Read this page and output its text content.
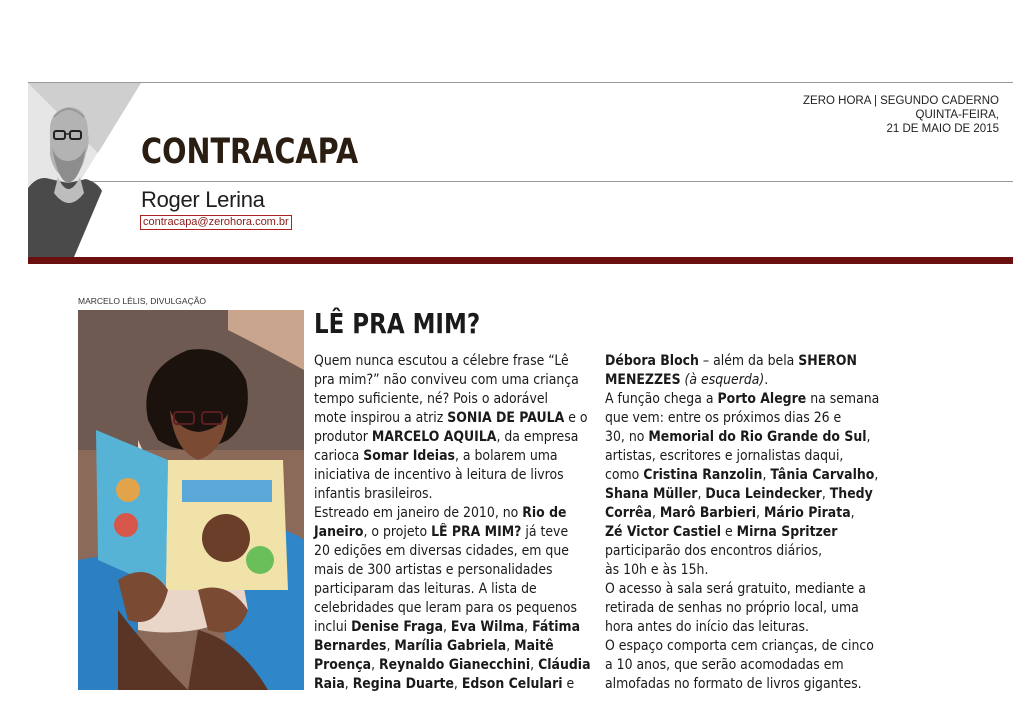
CONTRACAPA
Roger Lerina
contracapa@zerohora.com.br
ZERO HORA | SEGUNDO CADERNO
QUINTA-FEIRA,
21 DE MAIO DE 2015
MARCELO LÉLIS, DIVULGAÇÃO
LÊ PRA MIM?
Quem nunca escutou a célebre frase “Lê
pra mim?” não conviveu com uma criança
tempo suficiente, né? Pois o adorável
mote inspirou a atriz SONIA DE PAULA e o
produtor MARCELO AQUILA, da empresa
carioca Somar Ideias, a bolarem uma
iniciativa de incentivo à leitura de livros
infantis brasileiros.
Estreado em janeiro de 2010, no Rio de
Janeiro, o projeto LÊ PRA MIM? já teve
20 edições em diversas cidades, em que
mais de 300 artistas e personalidades
participaram das leituras. A lista de
celebridades que leram para os pequenos
inclui Denise Fraga, Eva Wilma, Fátima
Bernardes, Marília Gabriela, Maitê
Proença, Reynaldo Gianecchini, Cláudia
Raia, Regina Duarte, Edson Celulari e
Débora Bloch – além da bela SHERON
MENEZZES (à esquerda).
A função chega a Porto Alegre na semana
que vem: entre os próximos dias 26 e
30, no Memorial do Rio Grande do Sul,
artistas, escritores e jornalistas daqui,
como Cristina Ranzolin, Tânia Carvalho,
Shana Müller, Duca Leindecker, Thedy
Corrêa, Marô Barbieri, Mário Pirata,
Zé Victor Castiel e Mirna Spritzer
participarão dos encontros diários,
às 10h e às 15h.
O acesso à sala será gratuito, mediante a
retirada de senhas no próprio local, uma
hora antes do início das leituras.
O espaço comporta cem crianças, de cinco
a 10 anos, que serão acomodadas em
almofadas no formato de livros gigantes.
